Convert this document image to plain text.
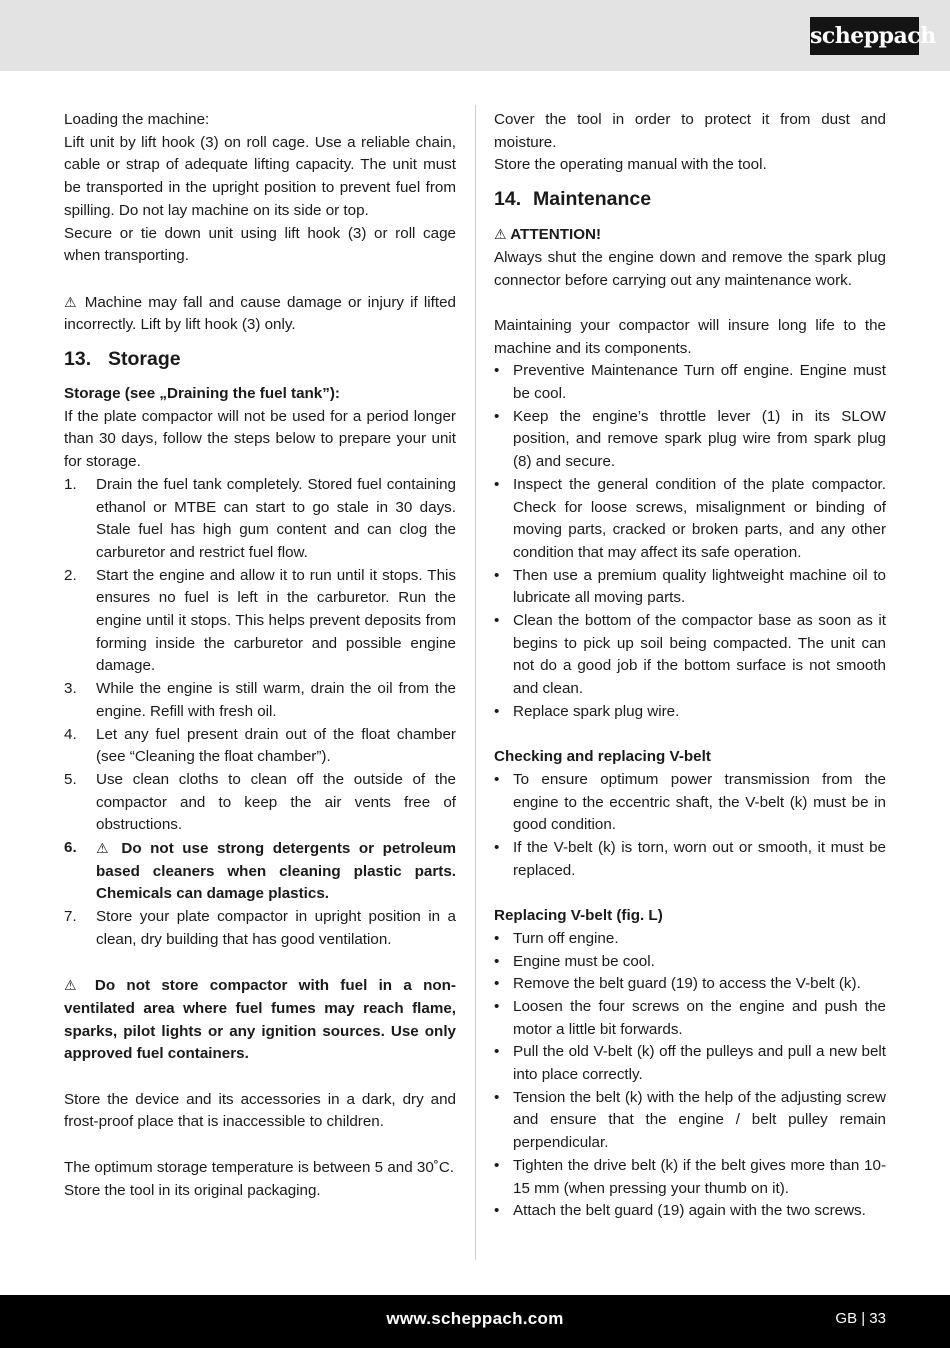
scheppach

Loading the machine:

Lift unit by lift hook (3) on roll cage. Use a reliable chain, cable or strap of adequate lifting capacity. The unit must be transported in the upright position to prevent fuel from spilling. Do not lay machine on its side or top.

Secure or tie down unit using lift hook (3) or roll cage when transporting.

⚠ Machine may fall and cause damage or injury if lifted incorrectly. Lift by lift hook (3) only.

13. Storage

Storage (see „Draining the fuel tank”):

If the plate compactor will not be used for a period longer than 30 days, follow the steps below to prepare your unit for storage.

1. Drain the fuel tank completely. Stored fuel containing ethanol or MTBE can start to go stale in 30 days. Stale fuel has high gum content and can clog the carburetor and restrict fuel flow.
2. Start the engine and allow it to run until it stops. This ensures no fuel is left in the carburetor. Run the engine until it stops. This helps prevent deposits from forming inside the carburetor and possible engine damage.
3. While the engine is still warm, drain the oil from the engine. Refill with fresh oil.
4. Let any fuel present drain out of the float chamber (see “Cleaning the float chamber”).
5. Use clean cloths to clean off the outside of the compactor and to keep the air vents free of obstructions.
6. ⚠ Do not use strong detergents or petroleum based cleaners when cleaning plastic parts. Chemicals can damage plastics.
7. Store your plate compactor in upright position in a clean, dry building that has good ventilation.

⚠ Do not store compactor with fuel in a non-ventilated area where fuel fumes may reach flame, sparks, pilot lights or any ignition sources. Use only approved fuel containers.

Store the device and its accessories in a dark, dry and frost-proof place that is inaccessible to children.

The optimum storage temperature is between 5 and 30˚C.

Store the tool in its original packaging.

Cover the tool in order to protect it from dust and moisture.

Store the operating manual with the tool.

14. Maintenance

⚠ ATTENTION!

Always shut the engine down and remove the spark plug connector before carrying out any maintenance work.

Maintaining your compactor will insure long life to the machine and its components.

• Preventive Maintenance Turn off engine. Engine must be cool.
• Keep the engine’s throttle lever (1) in its SLOW position, and remove spark plug wire from spark plug (8) and secure.
• Inspect the general condition of the plate compactor. Check for loose screws, misalignment or binding of moving parts, cracked or broken parts, and any other condition that may affect its safe operation.
• Then use a premium quality lightweight machine oil to lubricate all moving parts.
• Clean the bottom of the compactor base as soon as it begins to pick up soil being compacted. The unit can not do a good job if the bottom surface is not smooth and clean.
• Replace spark plug wire.

Checking and replacing V-belt

• To ensure optimum power transmission from the engine to the eccentric shaft, the V-belt (k) must be in good condition.
• If the V-belt (k) is torn, worn out or smooth, it must be replaced.

Replacing V-belt (fig. L)

• Turn off engine.
• Engine must be cool.
• Remove the belt guard (19) to access the V-belt (k).
• Loosen the four screws on the engine and push the motor a little bit forwards.
• Pull the old V-belt (k) off the pulleys and pull a new belt into place correctly.
• Tension the belt (k) with the help of the adjusting screw and ensure that the engine / belt pulley remain perpendicular.
• Tighten the drive belt (k) if the belt gives more than 10-15 mm (when pressing your thumb on it).
• Attach the belt guard (19) again with the two screws.
www.scheppach.com	GB | 33
